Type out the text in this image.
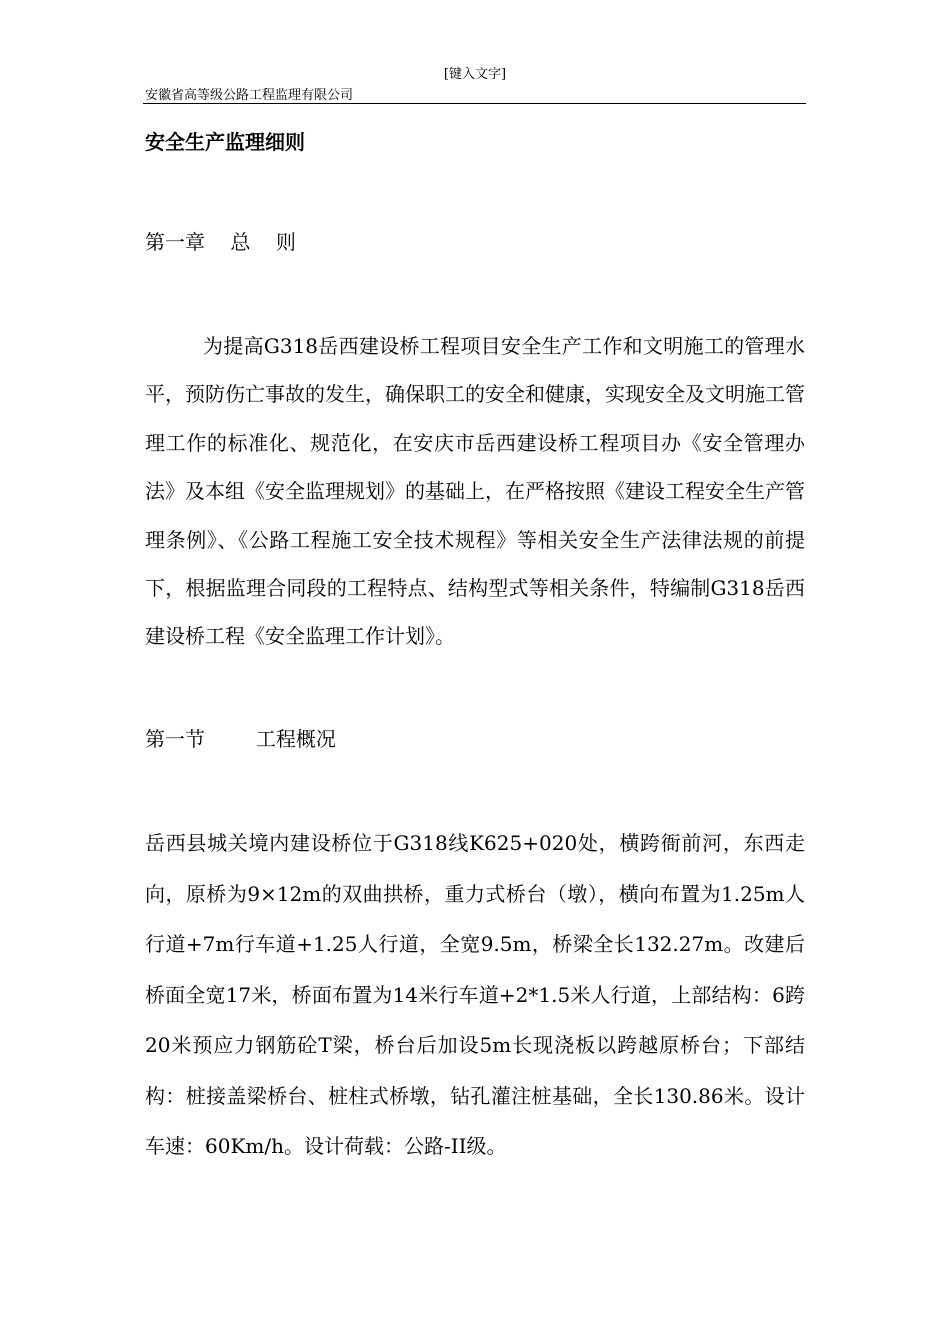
[键入文字]
安徽省高等级公路工程监理有限公司
安全生产监理细则
第一章    总    则

为提高G318岳西建设桥工程项目安全生产工作和文明施工的管理水平，预防伤亡事故的发生，确保职工的安全和健康，实现安全及文明施工管理工作的标准化、规范化，在安庆市岳西建设桥工程项目办《安全管理办法》及本组《安全监理规划》的基础上，在严格按照《建设工程安全生产管理条例》、《公路工程施工安全技术规程》等相关安全生产法律法规的前提下，根据监理合同段的工程特点、结构型式等相关条件，特编制G318岳西建设桥工程《安全监理工作计划》。

第一节        工程概况

岳西县城关境内建设桥位于G318线K625+020处，横跨衙前河，东西走向，原桥为9×12m的双曲拱桥，重力式桥台（墩），横向布置为1.25m人行道+7m行车道+1.25人行道，全宽9.5m，桥梁全长132.27m。改建后桥面全宽17米，桥面布置为14米行车道+2*1.5米人行道，上部结构：6跨20米预应力钢筋砼T梁，桥台后加设5m长现浇板以跨越原桥台；下部结构：桩接盖梁桥台、桩柱式桥墩，钻孔灌注桩基础，全长130.86米。设计车速：60Km/h。设计荷载：公路-II级。
